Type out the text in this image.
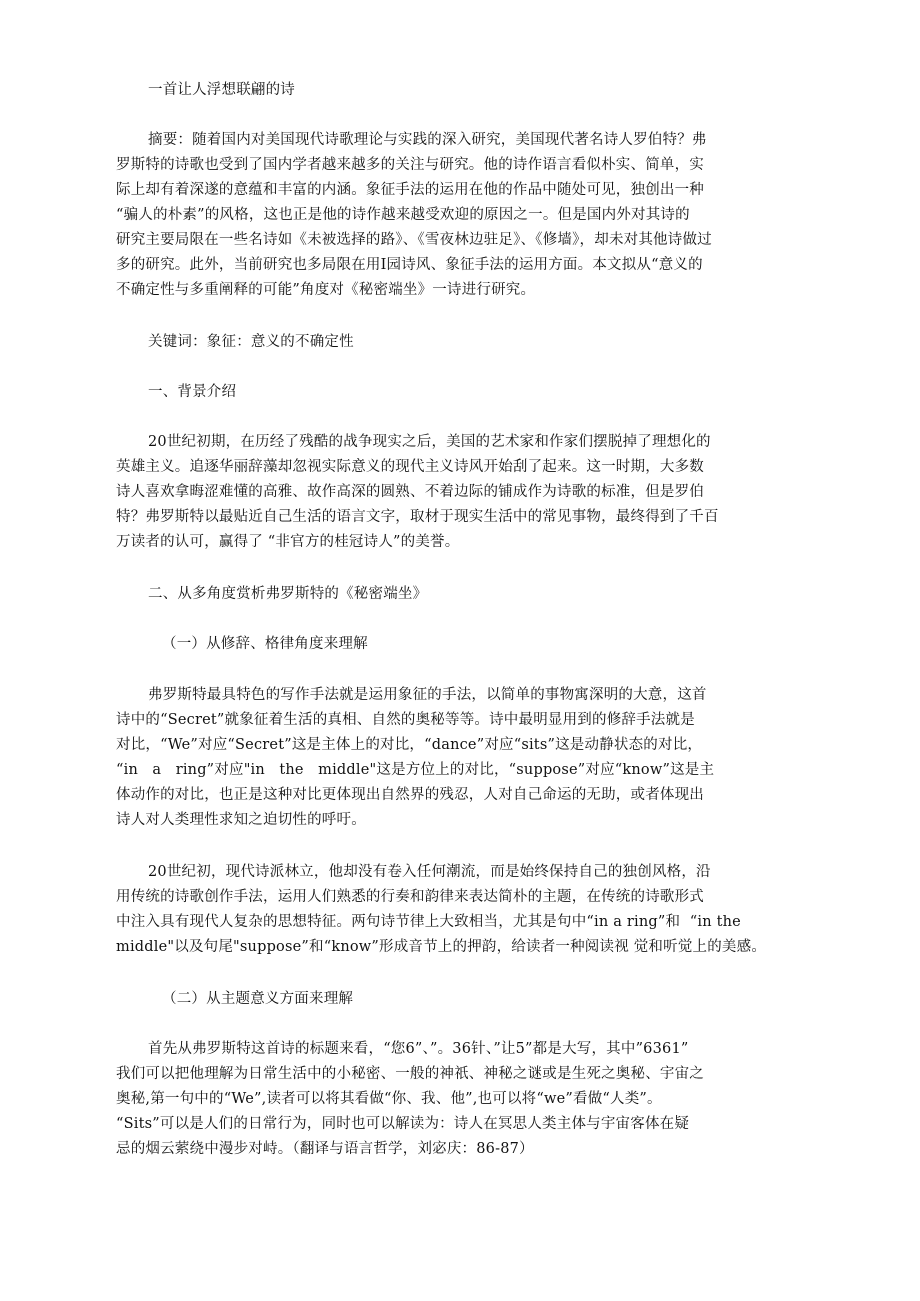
一首让人浮想联翩的诗
摘要：随着国内对美国现代诗歌理论与实践的深入研究，美国现代著名诗人罗伯特？弗
罗斯特的诗歌也受到了国内学者越来越多的关注与研究。他的诗作语言看似朴实、简单，实
际上却有着深遂的意蕴和丰富的内涵。象征手法的运用在他的作品中随处可见，独创出一种
“骗人的朴素”的风格，这也正是他的诗作越来越受欢迎的原因之一。但是国内外对其诗的
研究主要局限在一些名诗如《未被选择的路》、《雪夜林边驻足》、《修墙》，却未对其他诗做过
多的研究。此外，当前研究也多局限在用I园诗风、象征手法的运用方面。本文拟从“意义的
不确定性与多重阐释的可能”角度对《秘密端坐》一诗进行研究。
关键词：象征：意义的不确定性
一、背景介绍
20世纪初期，在历经了残酷的战争现实之后，美国的艺术家和作家们摆脱掉了理想化的
英雄主义。追逐华丽辞藻却忽视实际意义的现代主义诗风开始刮了起来。这一时期，大多数
诗人喜欢拿晦涩难懂的高雅、故作高深的圆熟、不着边际的铺成作为诗歌的标准，但是罗伯
特？弗罗斯特以最贴近自己生活的语言文字，取材于现实生活中的常见事物，最终得到了千百
万读者的认可，赢得了 “非官方的桂冠诗人”的美誉。
二、从多角度赏析弗罗斯特的《秘密端坐》
（一）从修辞、格律角度来理解
弗罗斯特最具特色的写作手法就是运用象征的手法，以简单的事物寓深明的大意，这首
诗中的“Secret”就象征着生活的真相、自然的奥秘等等。诗中最明显用到的修辞手法就是
对比，“We”对应“Secret”这是主体上的对比，“dance”对应“sits”这是动静状态的对比，
“in   a   ring”对应"in   the   middle"这是方位上的对比，“suppose”对应“know”这是主
体动作的对比，也正是这种对比更体现出自然界的残忍，人对自己命运的无助，或者体现出
诗人对人类理性求知之迫切性的呼吁。
20世纪初，现代诗派林立，他却没有卷入任何潮流，而是始终保持自己的独创风格，沿
用传统的诗歌创作手法，运用人们熟悉的行奏和韵律来表达简朴的主题，在传统的诗歌形式
中注入具有现代人复杂的思想特征。两句诗节律上大致相当，尤其是句中“in a ring”和  “in the
middle"以及句尾"suppose”和“know”形成音节上的押韵，给读者一种阅读视 觉和听觉上的美感。
（二）从主题意义方面来理解
首先从弗罗斯特这首诗的标题来看，“您6”、”。36针、”让5”都是大写，其中”6361”
我们可以把他理解为日常生活中的小秘密、一般的神祇、神秘之谜或是生死之奥秘、宇宙之
奥秘,第一句中的“We”,读者可以将其看做“你、我、他”,也可以将“we”看做“人类”。
“Sits”可以是人们的日常行为，同时也可以解读为：诗人在冥思人类主体与宇宙客体在疑
忌的烟云萦绕中漫步对峙。（翻译与语言哲学，刘宓庆：86-87）
